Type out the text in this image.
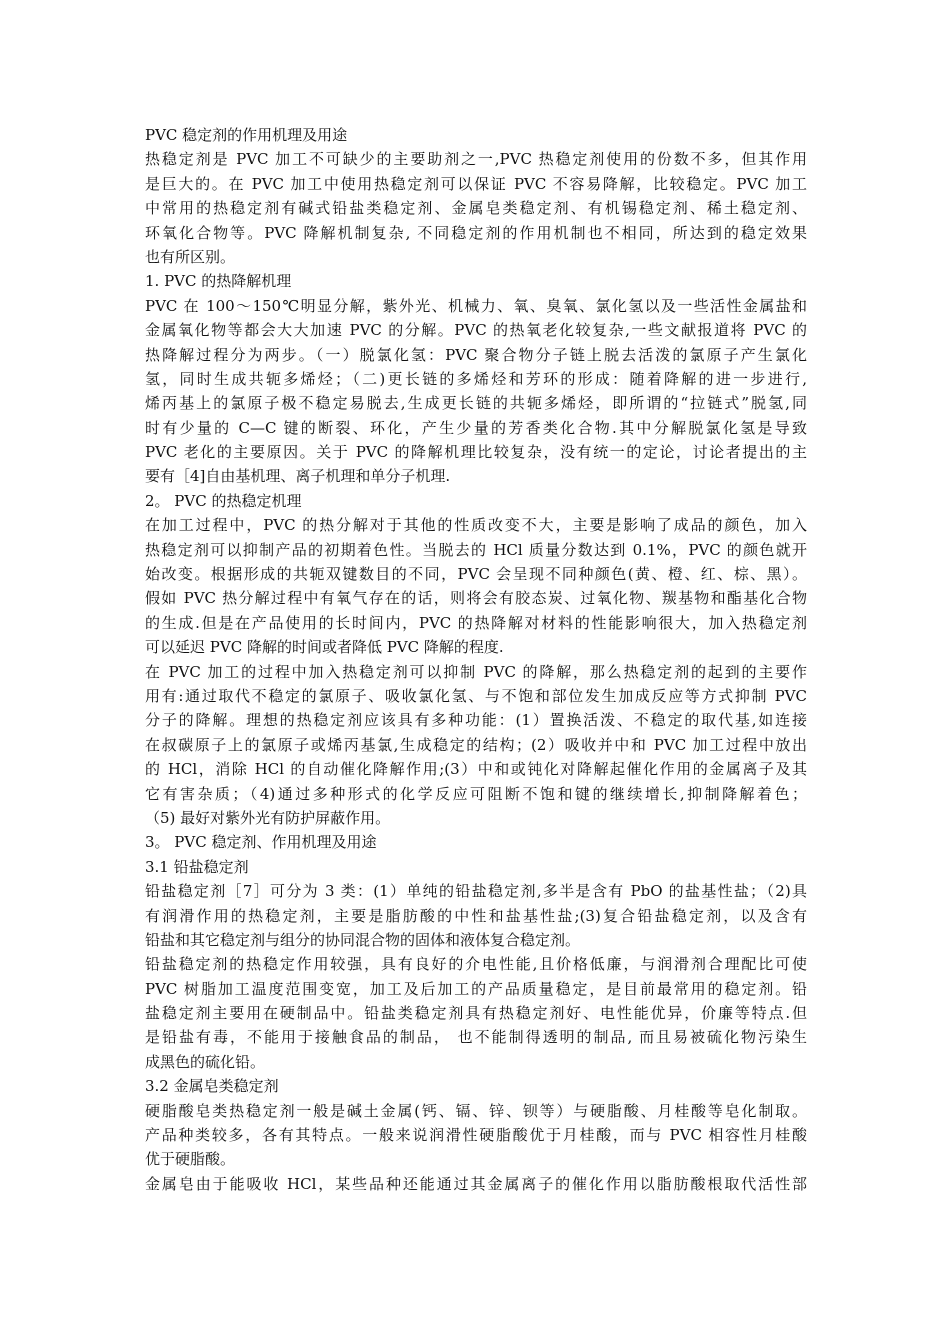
PVC 稳定剂的作用机理及用途
热稳定剂是 PVC 加工不可缺少的主要助剂之一,PVC 热稳定剂使用的份数不多，但其作用
是巨大的。在 PVC 加工中使用热稳定剂可以保证 PVC 不容易降解，比较稳定。PVC 加工
中常用的热稳定剂有碱式铅盐类稳定剂、金属皂类稳定剂、有机锡稳定剂、稀土稳定剂、
环氧化合物等。PVC 降解机制复杂, 不同稳定剂的作用机制也不相同，所达到的稳定效果
也有所区别。
1. PVC 的热降解机理
PVC 在 100～150℃明显分解，紫外光、机械力、氧、臭氧、氯化氢以及一些活性金属盐和
金属氧化物等都会大大加速 PVC 的分解。PVC 的热氧老化较复杂,一些文献报道将 PVC 的
热降解过程分为两步。（一）脱氯化氢：PVC 聚合物分子链上脱去活泼的氯原子产生氯化
氢，同时生成共轭多烯烃；（二)更长链的多烯烃和芳环的形成：随着降解的进一步进行,
烯丙基上的氯原子极不稳定易脱去,生成更长链的共轭多烯烃，即所谓的“拉链式”脱氢,同
时有少量的 C—C 键的断裂、环化，产生少量的芳香类化合物.其中分解脱氯化氢是导致
PVC 老化的主要原因。关于 PVC 的降解机理比较复杂，没有统一的定论，讨论者提出的主
要有［4]自由基机理、离子机理和单分子机理.
2。 PVC 的热稳定机理
在加工过程中，PVC 的热分解对于其他的性质改变不大，主要是影响了成品的颜色，加入
热稳定剂可以抑制产品的初期着色性。当脱去的 HCl 质量分数达到 0.1%，PVC 的颜色就开
始改变。根据形成的共轭双键数目的不同，PVC 会呈现不同种颜色(黄、橙、红、棕、黑）。
假如 PVC 热分解过程中有氧气存在的话，则将会有胶态炭、过氧化物、羰基物和酯基化合物
的生成.但是在产品使用的长时间内，PVC 的热降解对材料的性能影响很大，加入热稳定剂
可以延迟 PVC 降解的时间或者降低 PVC 降解的程度.
在 PVC 加工的过程中加入热稳定剂可以抑制 PVC 的降解，那么热稳定剂的起到的主要作
用有:通过取代不稳定的氯原子、吸收氯化氢、与不饱和部位发生加成反应等方式抑制 PVC
分子的降解。理想的热稳定剂应该具有多种功能：(1）置换活泼、不稳定的取代基,如连接
在叔碳原子上的氯原子或烯丙基氯,生成稳定的结构；(2）吸收并中和 PVC 加工过程中放出
的 HCl，消除 HCl 的自动催化降解作用;(3）中和或钝化对降解起催化作用的金属离子及其
它有害杂质；（4)通过多种形式的化学反应可阻断不饱和键的继续增长,抑制降解着色；
（5) 最好对紫外光有防护屏蔽作用。
3。 PVC 稳定剂、作用机理及用途
3.1 铅盐稳定剂
铅盐稳定剂［7］可分为 3 类：(1）单纯的铅盐稳定剂,多半是含有 PbO 的盐基性盐；（2)具
有润滑作用的热稳定剂，主要是脂肪酸的中性和盐基性盐;(3)复合铅盐稳定剂，以及含有
铅盐和其它稳定剂与组分的协同混合物的固体和液体复合稳定剂。
铅盐稳定剂的热稳定作用较强，具有良好的介电性能,且价格低廉，与润滑剂合理配比可使
PVC 树脂加工温度范围变宽，加工及后加工的产品质量稳定，是目前最常用的稳定剂。铅
盐稳定剂主要用在硬制品中。铅盐类稳定剂具有热稳定剂好、电性能优异，价廉等特点.但
是铅盐有毒，不能用于接触食品的制品， 也不能制得透明的制品, 而且易被硫化物污染生
成黑色的硫化铅。
3.2 金属皂类稳定剂
硬脂酸皂类热稳定剂一般是碱土金属(钙、镉、锌、钡等）与硬脂酸、月桂酸等皂化制取。
产品种类较多，各有其特点。一般来说润滑性硬脂酸优于月桂酸，而与 PVC 相容性月桂酸
优于硬脂酸。
金属皂由于能吸收 HCl，某些品种还能通过其金属离子的催化作用以脂肪酸根取代活性部
